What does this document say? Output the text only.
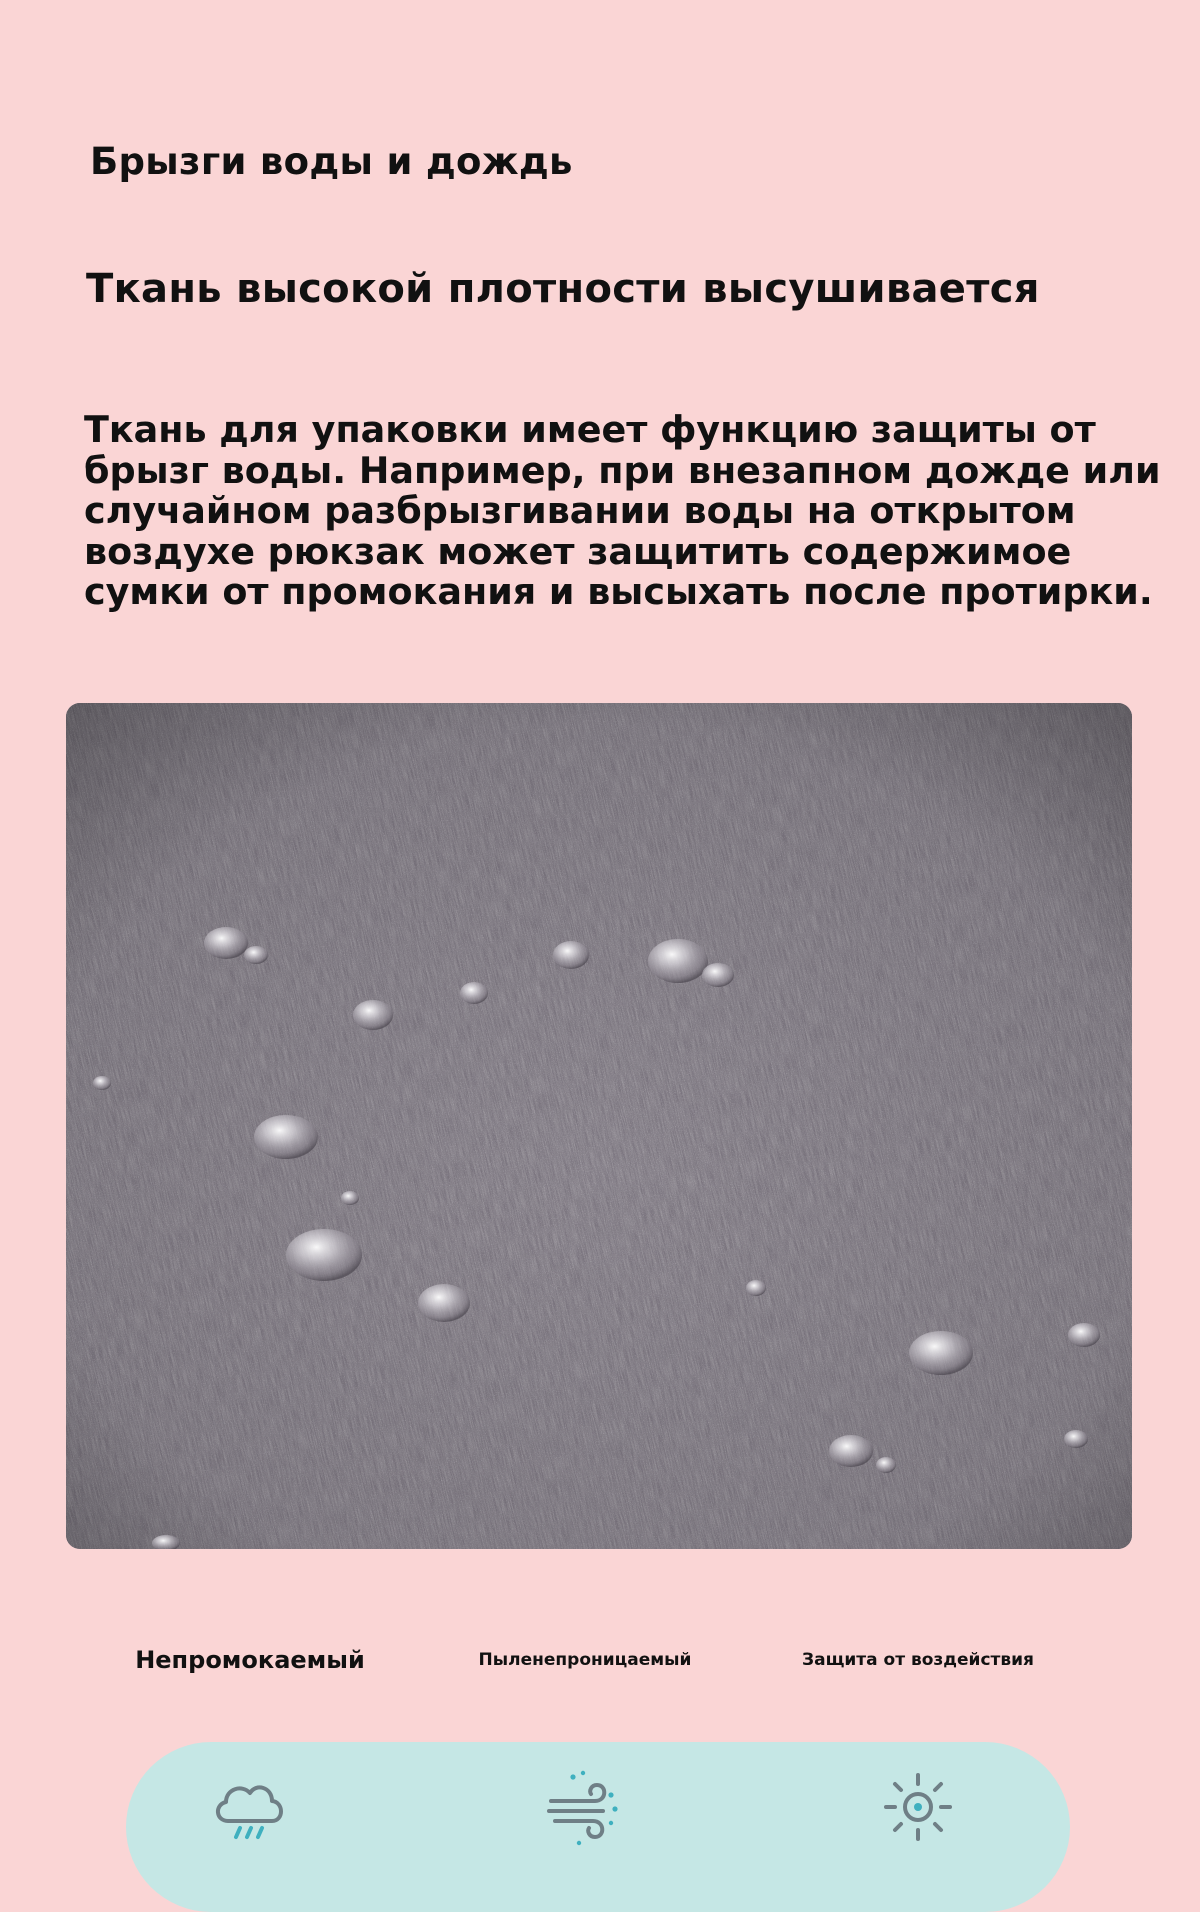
Брызги воды и дождь
Ткань высокой плотности высушивается

Ткань для упаковки имеет функцию защиты от
брызг воды. Например, при внезапном дожде или
случайном разбрызгивании воды на открытом
воздухе рюкзак может защитить содержимое
сумки от промокания и высыхать после протирки.

Непромокаемый	Пыленепроницаемый	Защита от воздействия
